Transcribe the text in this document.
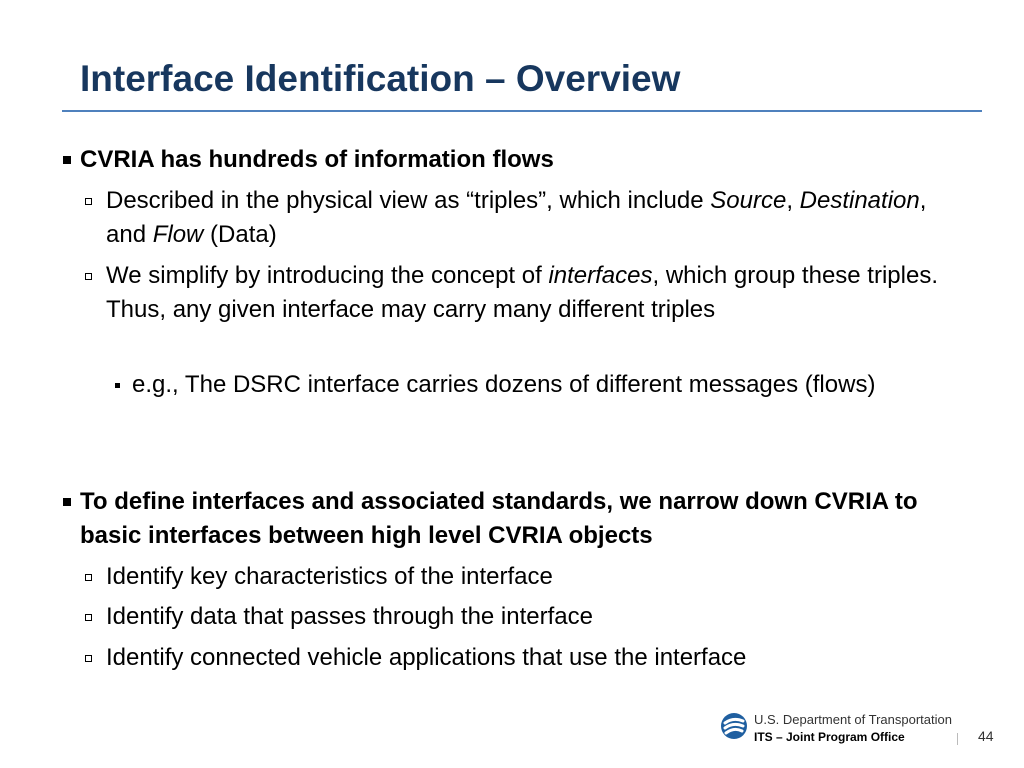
Interface Identification – Overview
CVRIA has hundreds of information flows
Described in the physical view as “triples”, which include Source, Destination, and Flow (Data)
We simplify by introducing the concept of interfaces, which group these triples. Thus, any given interface may carry many different triples
e.g., The DSRC interface carries dozens of different messages (flows)
To define interfaces and associated standards, we narrow down CVRIA to basic interfaces between high level CVRIA objects
Identify key characteristics of the interface
Identify data that passes through the interface
Identify connected vehicle applications that use the interface
U.S. Department of Transportation
ITS – Joint Program Office	44
